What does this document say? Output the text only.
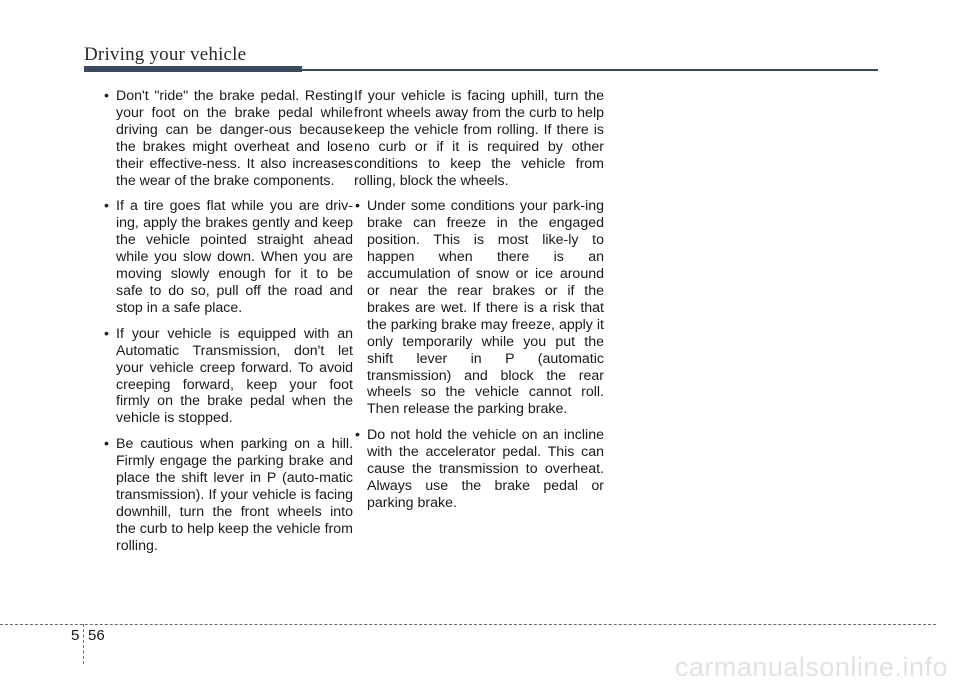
Driving your vehicle
• Don't "ride" the brake pedal. Resting your foot on the brake pedal while driving can be danger-ous because the brakes might overheat and lose their effective-ness. It also increases the wear of the brake components.
• If a tire goes flat while you are driv-ing, apply the brakes gently and keep the vehicle pointed straight ahead while you slow down. When you are moving slowly enough for it to be safe to do so, pull off the road and stop in a safe place.
• If your vehicle is equipped with an Automatic Transmission, don't let your vehicle creep forward. To avoid creeping forward, keep your foot firmly on the brake pedal when the vehicle is stopped.
• Be cautious when parking on a hill. Firmly engage the parking brake and place the shift lever in P (auto-matic transmission). If your vehicle is facing downhill, turn the front wheels into the curb to help keep the vehicle from rolling.

If your vehicle is facing uphill, turn the front wheels away from the curb to help keep the vehicle from rolling. If there is no curb or if it is required by other conditions to keep the vehicle from rolling, block the wheels.

• Under some conditions your park-ing brake can freeze in the engaged position. This is most like-ly to happen when there is an accumulation of snow or ice around or near the rear brakes or if the brakes are wet. If there is a risk that the parking brake may freeze, apply it only temporarily while you put the shift lever in P (automatic transmission) and block the rear wheels so the vehicle cannot roll. Then release the parking brake.
• Do not hold the vehicle on an incline with the accelerator pedal. This can cause the transmission to overheat. Always use the brake pedal or parking brake.
5 56
carmanualsonline.info
